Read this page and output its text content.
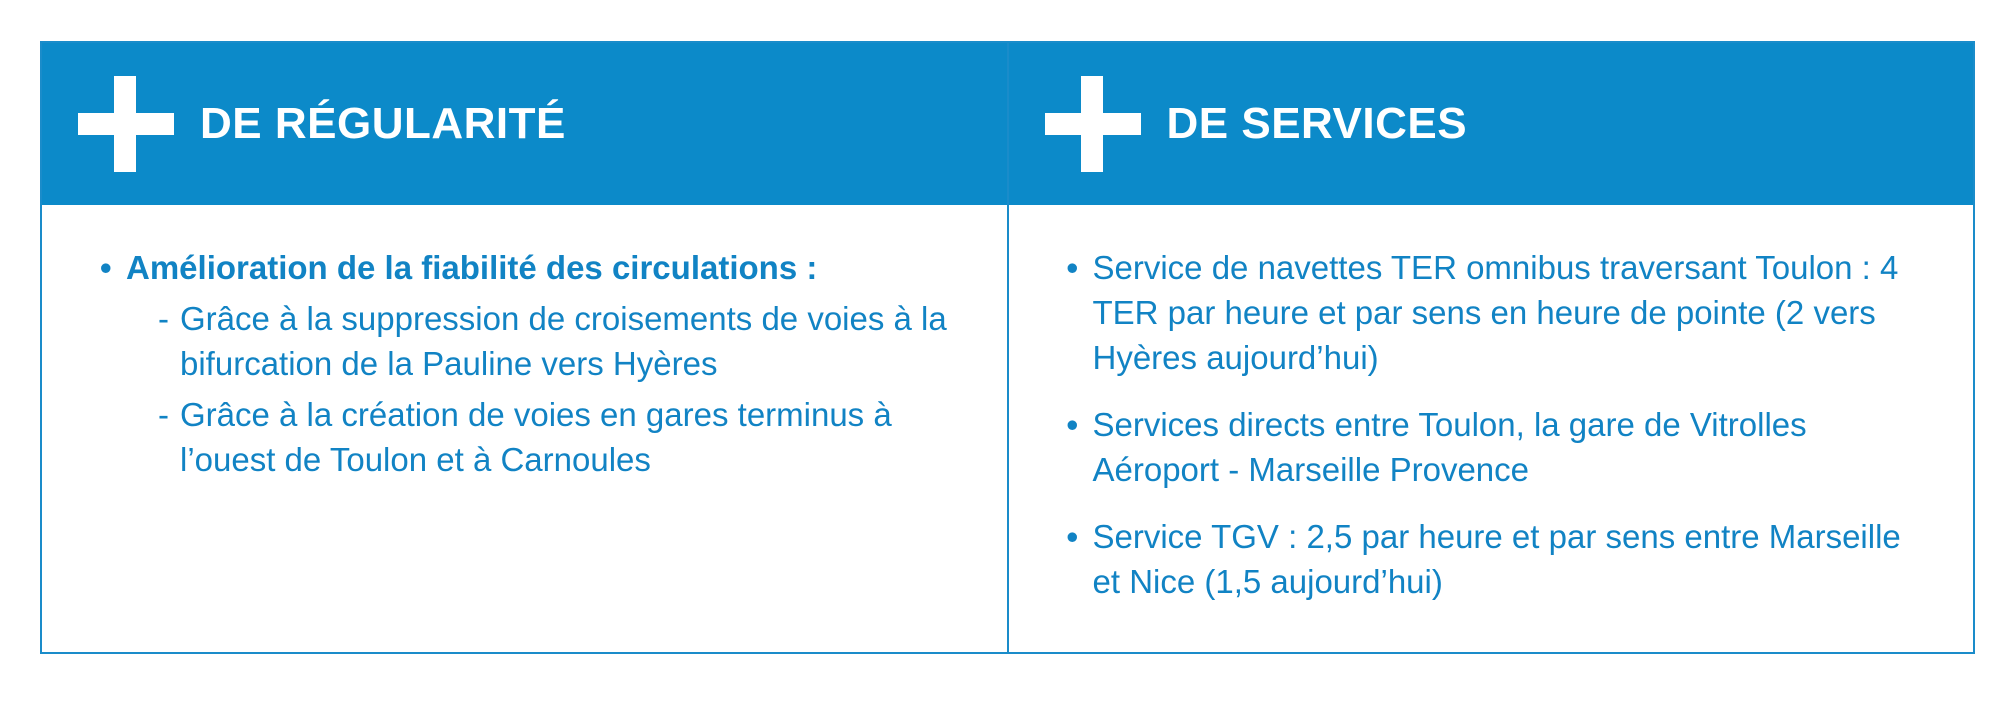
DE RÉGULARITÉ
• Amélioration de la fiabilité des circulations :
- Grâce à la suppression de croisements de voies à la bifurcation de la Pauline vers Hyères
- Grâce à la création de voies en gares terminus à l’ouest de Toulon et à Carnoules
DE SERVICES
• Service de navettes TER omnibus traversant Toulon : 4 TER par heure et par sens en heure de pointe (2 vers Hyères aujourd’hui)
• Services directs entre Toulon, la gare de Vitrolles Aéroport - Marseille Provence
• Service TGV : 2,5 par heure et par sens entre Marseille et Nice (1,5 aujourd’hui)
